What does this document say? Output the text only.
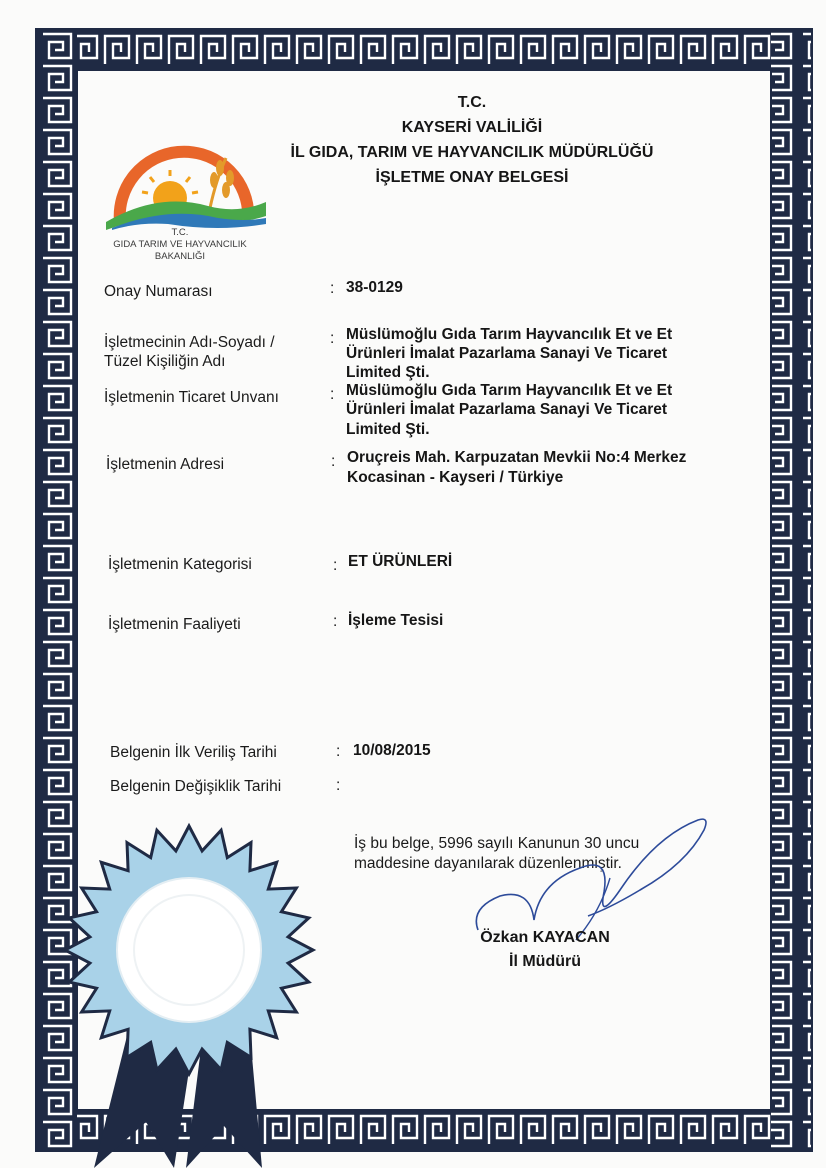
T.C.
GIDA TARIM VE HAYVANCILIK
BAKANLIĞI
T.C.
KAYSERİ VALİLİĞİ
İL GIDA, TARIM VE HAYVANCILIK MÜDÜRLÜĞÜ
İŞLETME ONAY BELGESİ
Onay Numarası	: 38-0129
İşletmecinin Adı-Soyadı /
Tüzel Kişiliğin Adı
: Müslümoğlu Gıda Tarım Hayvancılık Et ve Et
Ürünleri İmalat Pazarlama Sanayi Ve Ticaret
Limited Şti.
İşletmenin Ticaret Unvanı	: Müslümoğlu Gıda Tarım Hayvancılık Et ve Et
Ürünleri İmalat Pazarlama Sanayi Ve Ticaret
Limited Şti.
İşletmenin Adresi	: Oruçreis Mah. Karpuzatan Mevkii No:4 Merkez
Kocasinan - Kayseri / Türkiye
İşletmenin Kategorisi	: ET ÜRÜNLERİ
İşletmenin Faaliyeti	: İşleme Tesisi
Belgenin İlk Veriliş Tarihi	: 10/08/2015
Belgenin Değişiklik Tarihi	:
İş bu belge, 5996 sayılı Kanunun 30 uncu
maddesine dayanılarak düzenlenmiştir.
Özkan KAYACAN
İl Müdürü
